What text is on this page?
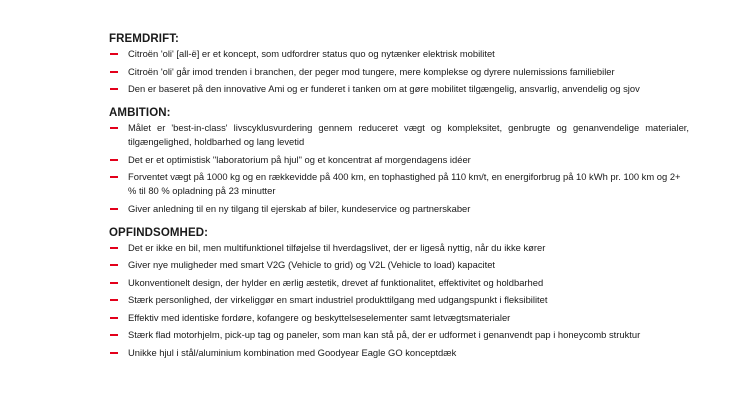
FREMDRIFT:
Citroën 'oli' [all-ë] er et koncept, som udfordrer status quo og nytænker elektrisk mobilitet
Citroën 'oli' går imod trenden i branchen, der peger mod tungere, mere komplekse og dyrere nulemissions familiebiler
Den er baseret på den innovative Ami og er funderet i tanken om at gøre mobilitet tilgængelig, ansvarlig, anvendelig og sjov
AMBITION:
Målet er 'best-in-class' livscyklusvurdering gennem reduceret vægt og kompleksitet, genbrugte og genanvendelige materialer, tilgængelighed, holdbarhed og lang levetid
Det er et optimistisk "laboratorium på hjul" og et koncentrat af morgendagens idéer
Forventet vægt på 1000 kg og en rækkevidde på 400 km, en tophastighed på 110 km/t, en energiforbrug på 10 kWh pr. 100 km og 2+ % til 80 % opladning på 23 minutter
Giver anledning til en ny tilgang til ejerskab af biler, kundeservice og partnerskaber
OPFINDSOMHED:
Det er ikke en bil, men multifunktionel tilføjelse til hverdagslivet, der er ligeså nyttig, når du ikke kører
Giver nye muligheder med smart V2G (Vehicle to grid) og V2L (Vehicle to load) kapacitet
Ukonventionelt design, der hylder en ærlig æstetik, drevet af funktionalitet, effektivitet og holdbarhed
Stærk personlighed, der virkeliggør en smart industriel produkttilgang med udgangspunkt i fleksibilitet
Effektiv med identiske fordøre, kofangere og beskyttelseselementer samt letvægtsmaterialer
Stærk flad motorhjelm, pick-up tag og paneler, som man kan stå på, der er udformet i genanvendt pap i honeycomb struktur
Unikke hjul i stål/aluminium kombination med Goodyear Eagle GO konceptdæk
